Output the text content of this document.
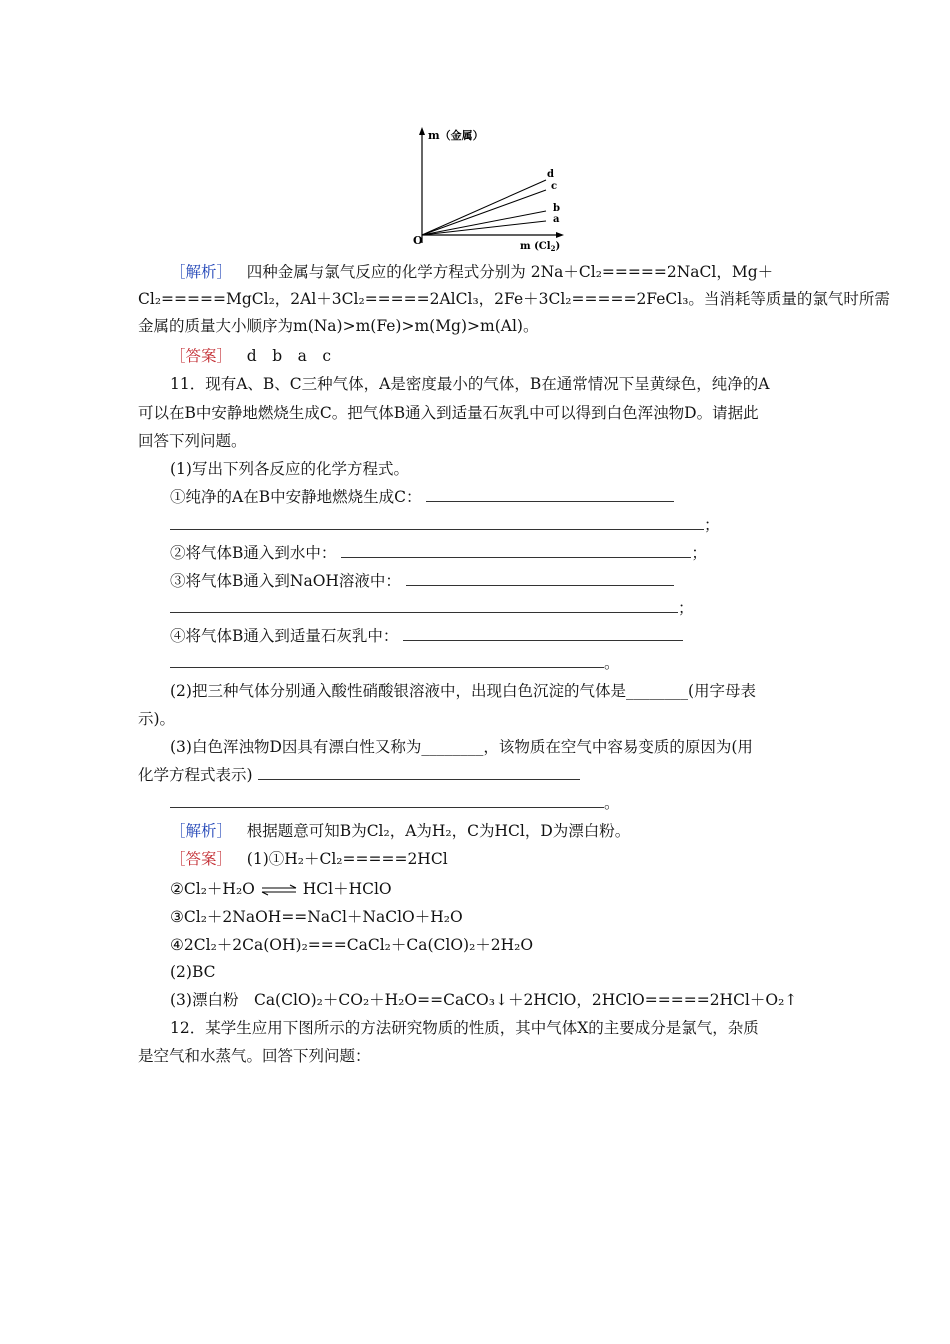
m（金属）
d
c
b
a
O	m $(Cl_2)$
［解析］ 四种金属与氯气反应的化学方程式分别为 2Na＋Cl₂=====2NaCl，Mg＋
Cl₂=====MgCl₂，2Al＋3Cl₂=====2AlCl₃，2Fe＋3Cl₂=====2FeCl₃。当消耗等质量的氯气时所需
金属的质量大小顺序为m(Na)>m(Fe)>m(Mg)>m(Al)。
［答案］ d　b　a　c
11．现有A、B、C三种气体，A是密度最小的气体，B在通常情况下呈黄绿色，纯净的A
可以在B中安静地燃烧生成C。把气体B通入到适量石灰乳中可以得到白色浑浊物D。请据此
回答下列问题。
(1)写出下列各反应的化学方程式。
①纯净的A在B中安静地燃烧生成C：
；
②将气体B通入到水中：	；
③将气体B通入到NaOH溶液中：
；
④将气体B通入到适量石灰乳中：
。
(2)把三种气体分别通入酸性硝酸银溶液中，出现白色沉淀的气体是________(用字母表
示)。
(3)白色浑浊物D因具有漂白性又称为________，该物质在空气中容易变质的原因为(用
化学方程式表示)
。
［解析］ 根据题意可知B为Cl₂，A为H₂，C为HCl，D为漂白粉。
［答案］ (1)①H₂＋Cl₂=====2HCl
②Cl₂＋H₂O ⇌ HCl＋HClO
③Cl₂＋2NaOH==NaCl＋NaClO＋H₂O
④2Cl₂＋2Ca(OH)₂===CaCl₂＋Ca(ClO)₂＋2H₂O
(2)BC
(3)漂白粉　Ca(ClO)₂＋CO₂＋H₂O==CaCO₃↓＋2HClO，2HClO=====2HCl＋O₂↑
12．某学生应用下图所示的方法研究物质的性质，其中气体X的主要成分是氯气，杂质
是空气和水蒸气。回答下列问题：
